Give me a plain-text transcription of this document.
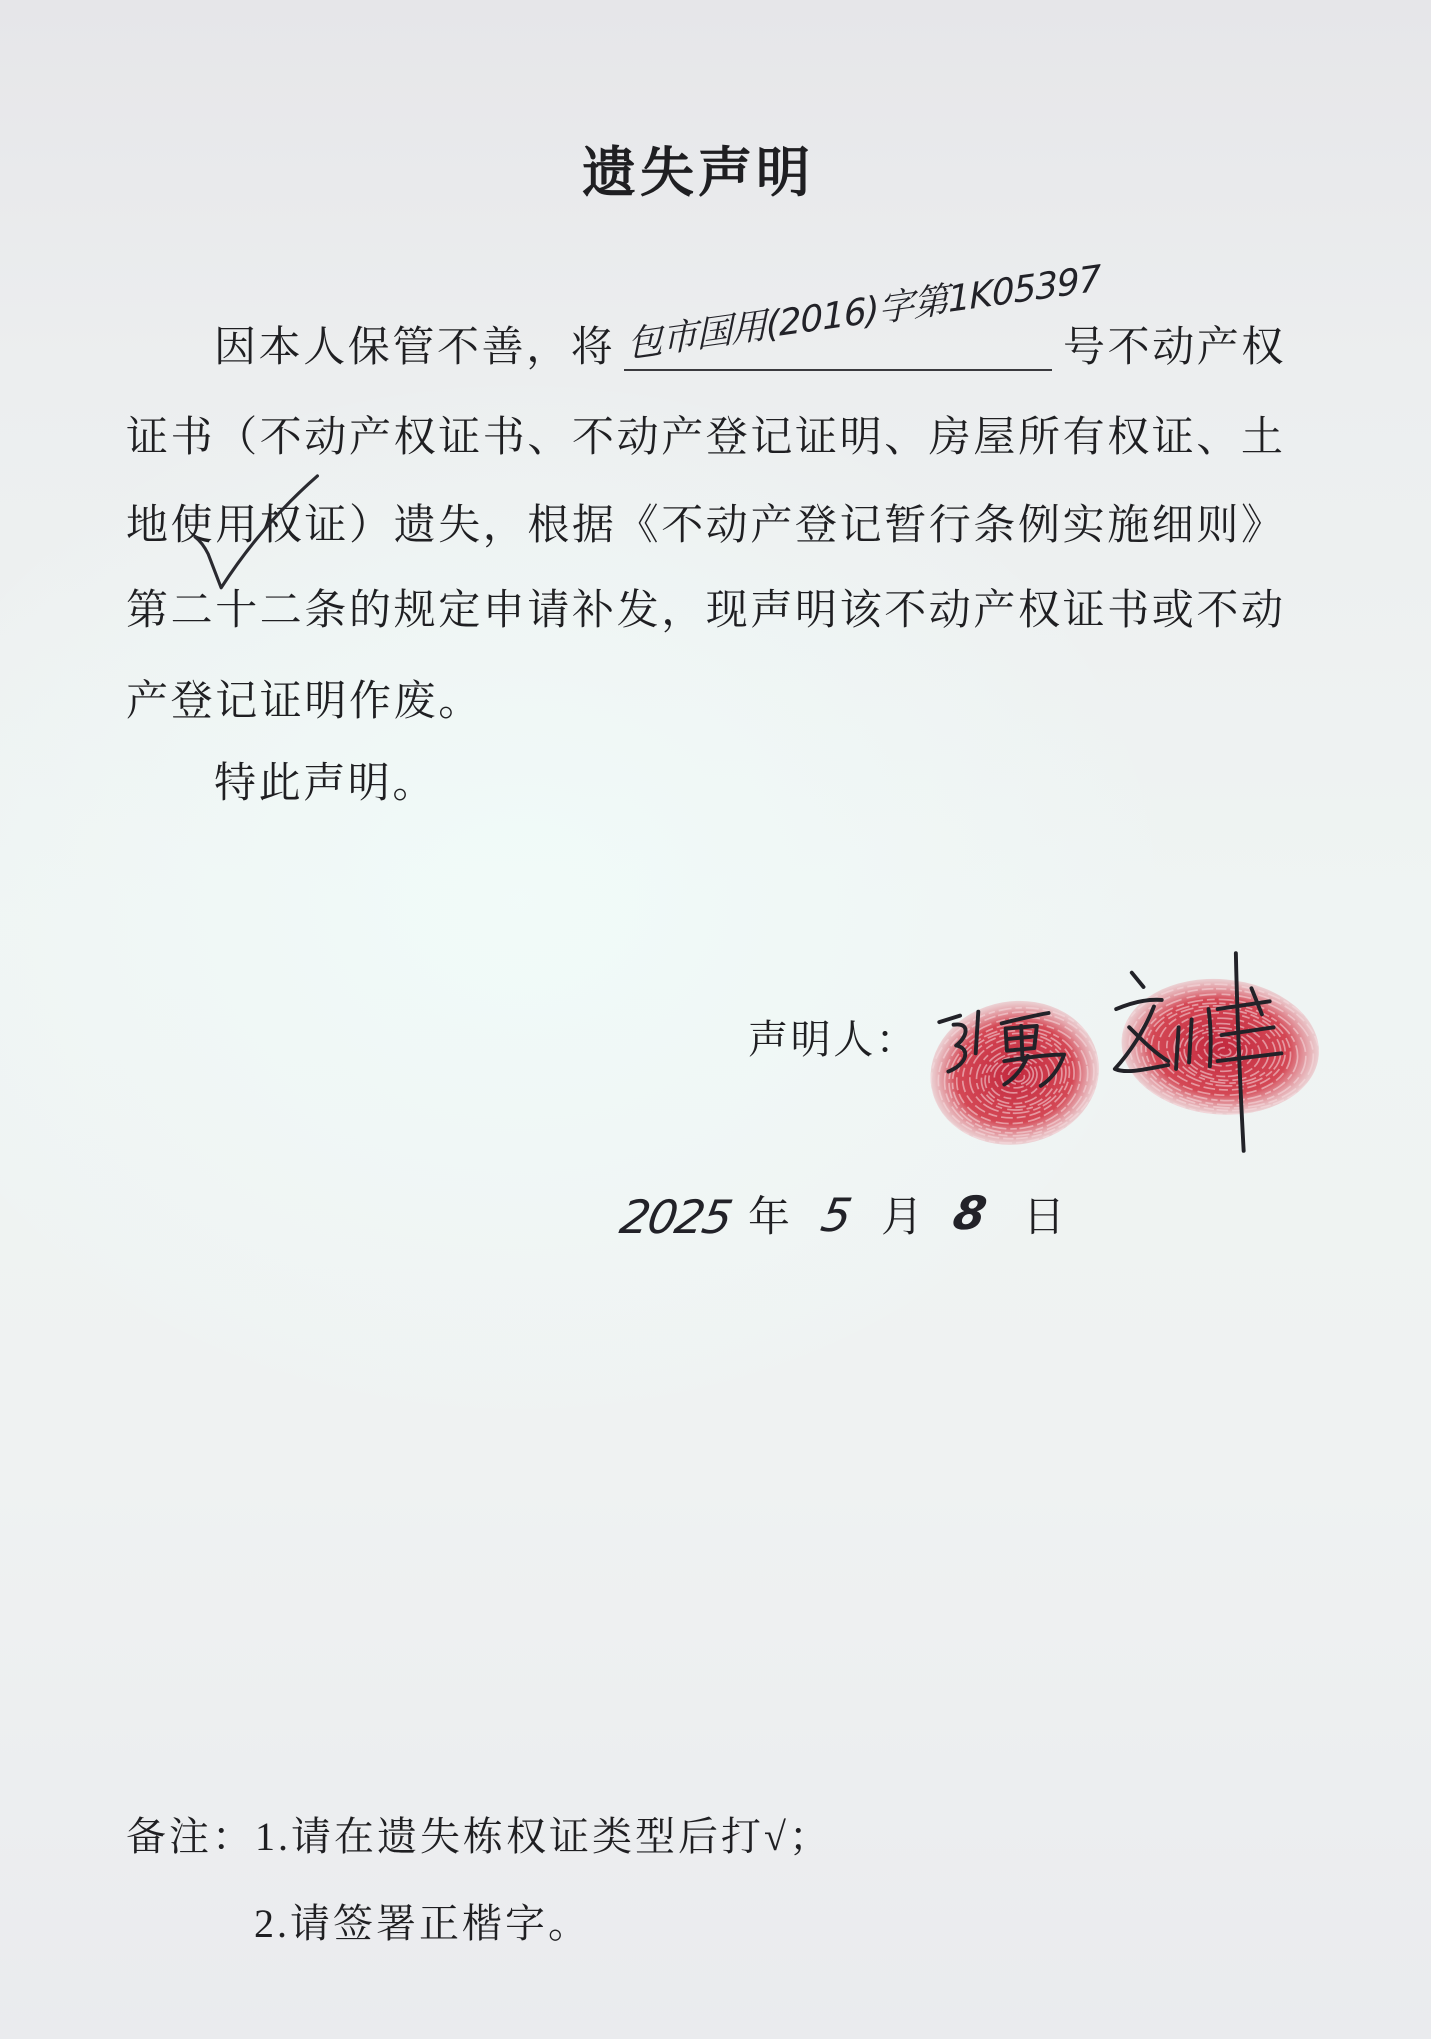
遗失声明
因本人保管不善，将 包市国用(2016)字第1K05397
号不动产权
证书（不动产权证书、不动产登记证明、房屋所有权证、土
地使用权证）遗失，根据《不动产登记暂行条例实施细则》
第二十二条的规定申请补发，现声明该不动产权证书或不动
产登记证明作废。
特此声明。
声明人：
2025 年 5 月 8 日
备注：1.请在遗失栋权证类型后打√；
2.请签署正楷字。
